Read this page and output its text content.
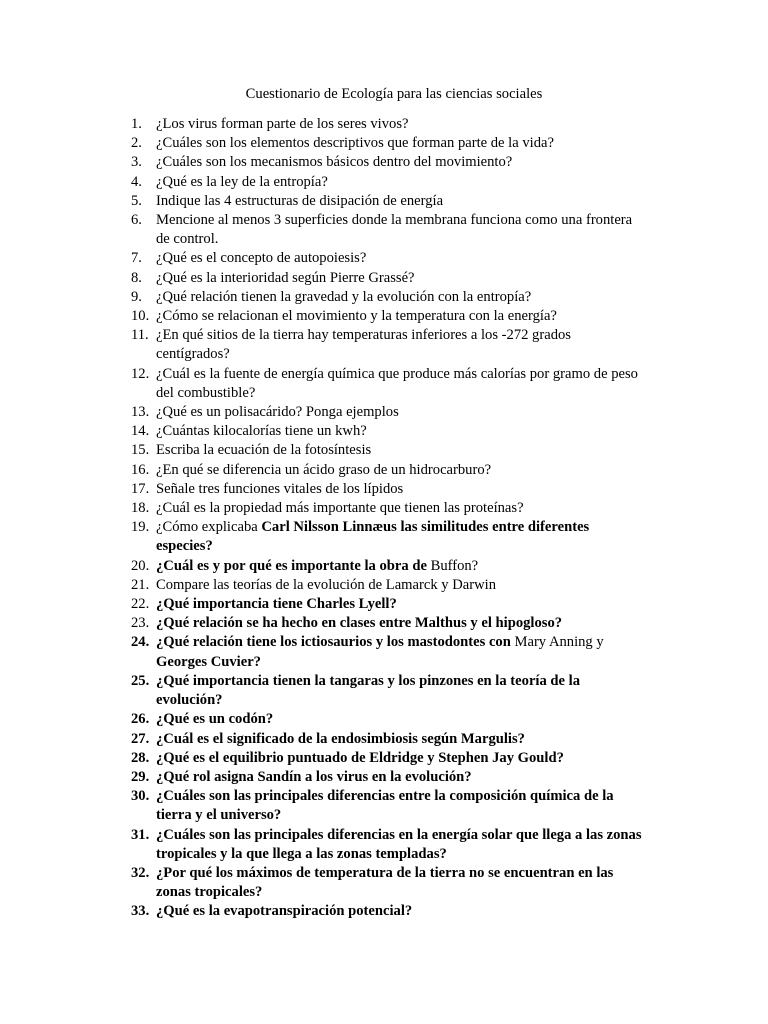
Cuestionario de Ecología para las ciencias sociales
1. ¿Los virus forman parte de los seres vivos?
2. ¿Cuáles son los elementos descriptivos que forman parte de la vida?
3. ¿Cuáles son los mecanismos básicos dentro del movimiento?
4. ¿Qué es la ley de la entropía?
5. Indique las 4 estructuras de disipación de energía
6. Mencione al menos 3 superficies donde la membrana funciona como una frontera de control.
7. ¿Qué es el concepto de autopoiesis?
8. ¿Qué es la interioridad según Pierre Grassé?
9. ¿Qué relación tienen la gravedad y la evolución con la entropía?
10. ¿Cómo se relacionan el movimiento y la temperatura con la energía?
11. ¿En qué sitios de la tierra hay temperaturas inferiores a los -272 grados centígrados?
12. ¿Cuál es la fuente de energía química que produce más calorías por gramo de peso del combustible?
13. ¿Qué es un polisacárido? Ponga ejemplos
14. ¿Cuántas kilocalorías tiene un kwh?
15. Escriba la ecuación de la fotosíntesis
16. ¿En qué se diferencia un ácido graso de un hidrocarburo?
17. Señale tres funciones vitales de los lípidos
18. ¿Cuál es la propiedad más importante que tienen las proteínas?
19. ¿Cómo explicaba Carl Nilsson Linnæus las similitudes entre diferentes especies?
20. ¿Cuál es y por qué es importante la obra de Buffon?
21. Compare las teorías de la evolución de Lamarck y Darwin
22. ¿Qué importancia tiene Charles Lyell?
23. ¿Qué relación se ha hecho en clases entre Malthus y el hipogloso?
24. ¿Qué relación tiene los ictiosaurios y los mastodontes con Mary Anning y Georges Cuvier?
25. ¿Qué importancia tienen la tangaras y los pinzones en la teoría de la evolución?
26. ¿Qué es un codón?
27. ¿Cuál es el significado de la endosimbiosis según Margulis?
28. ¿Qué es el equilibrio puntuado de Eldridge y Stephen Jay Gould?
29. ¿Qué rol asigna Sandín a los virus en la evolución?
30. ¿Cuáles son las principales diferencias entre la composición química de la tierra y el universo?
31. ¿Cuáles son las principales diferencias en la energía solar que llega a las zonas tropicales y la que llega a las zonas templadas?
32. ¿Por qué los máximos de temperatura de la tierra no se encuentran en las zonas tropicales?
33. ¿Qué es la evapotranspiración potencial?
